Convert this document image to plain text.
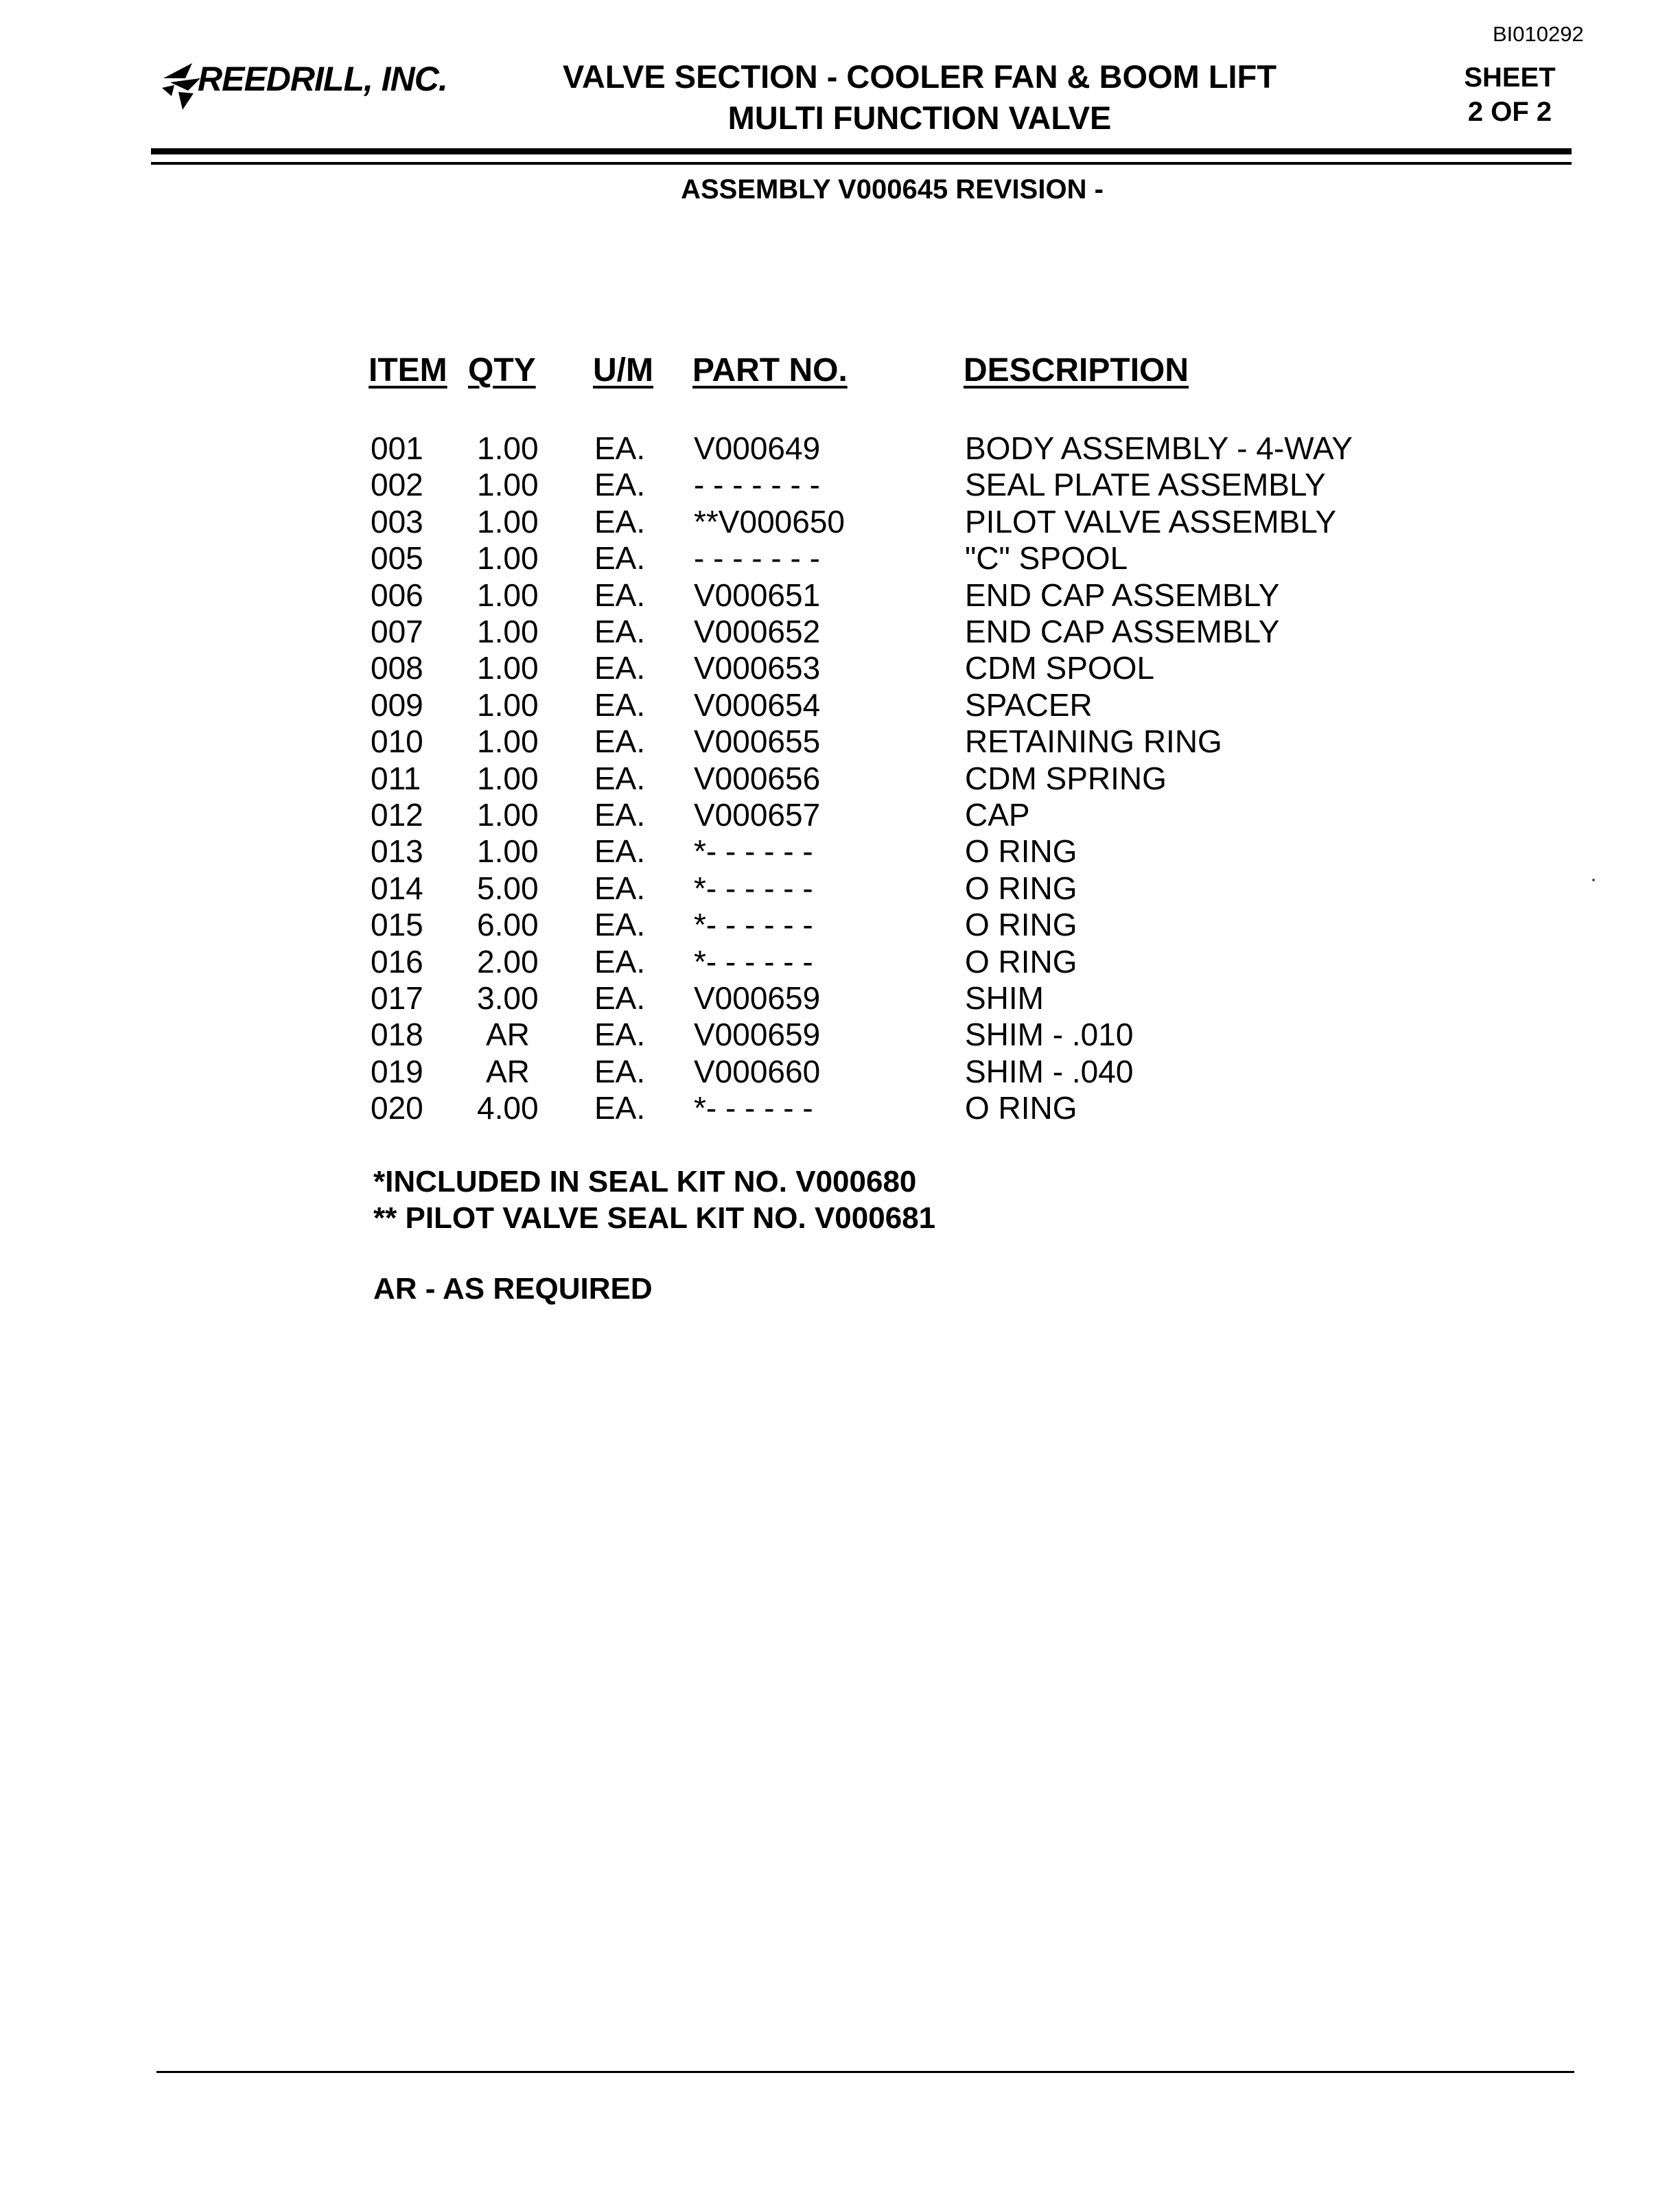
BI010292
REEDRILL, INC.	VALVE SECTION - COOLER FAN & BOOM LIFT
MULTI FUNCTION VALVE
SHEET
2 OF 2
ASSEMBLY V000645 REVISION -
ITEM QTY U/M PART NO.	DESCRIPTION
001 1.00 EA. V000649	BODY ASSEMBLY - 4-WAY
002 1.00 EA. - - - - - - -	SEAL PLATE ASSEMBLY
003 1.00 EA. **V000650	PILOT VALVE ASSEMBLY
005 1.00 EA. - - - - - - -	"C" SPOOL
006 1.00 EA. V000651	END CAP ASSEMBLY
007 1.00 EA. V000652	END CAP ASSEMBLY
008 1.00 EA. V000653	CDM SPOOL
009 1.00 EA. V000654	SPACER
010 1.00 EA. V000655	RETAINING RING
011 1.00 EA. V000656	CDM SPRING
012 1.00 EA. V000657	CAP
013 1.00 EA. *- - - - - -	O RING
014 5.00 EA. *- - - - - -	O RING
015 6.00 EA. *- - - - - -	O RING
016 2.00 EA. *- - - - - -	O RING
017 3.00 EA. V000659	SHIM
018 AR EA. V000659	SHIM - .010
019 AR EA. V000660	SHIM - .040
020 4.00 EA. *- - - - - -	O RING
*INCLUDED IN SEAL KIT NO. V000680
** PILOT VALVE SEAL KIT NO. V000681
AR - AS REQUIRED
